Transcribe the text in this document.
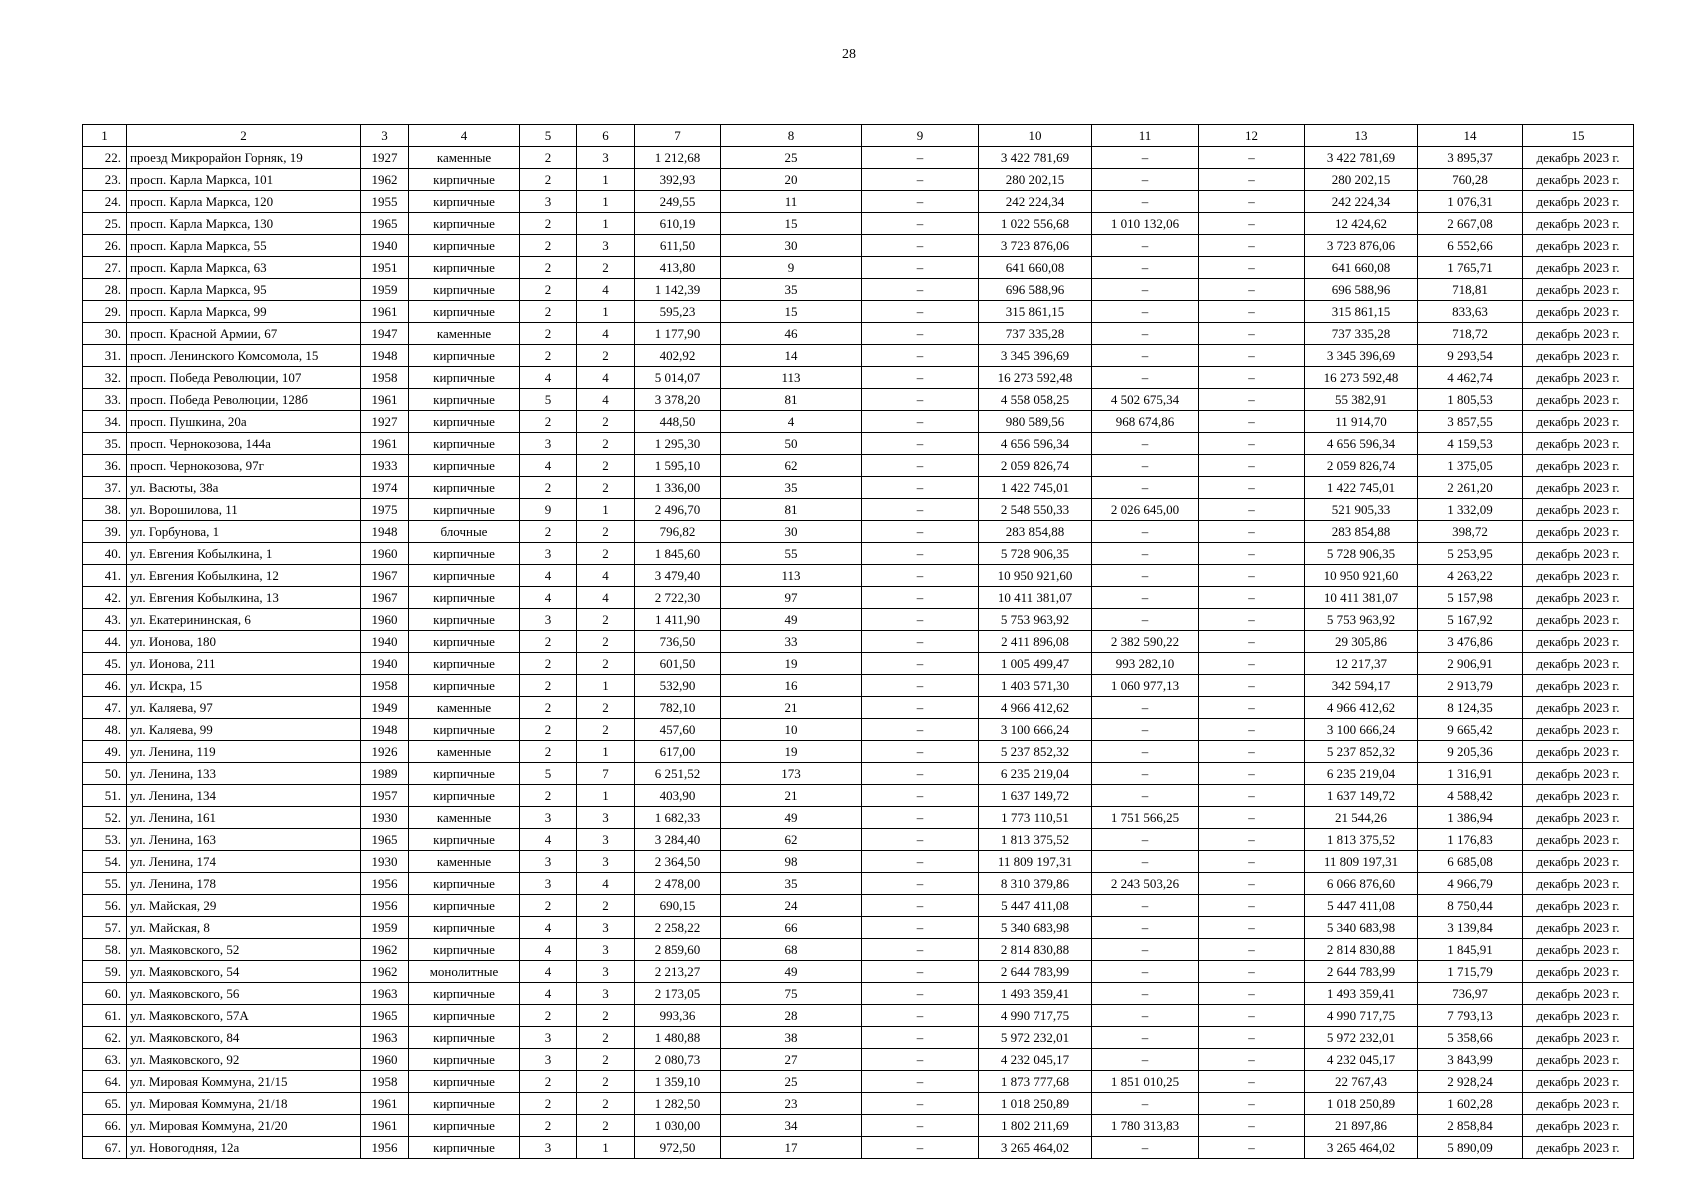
28
1	2	3	4	5	6	7	8	9	10	11	12	13	14	15
22.	проезд Микрорайон Горняк, 19	1927	каменные	2	3	1 212,68	25	–	3 422 781,69	–	–	3 422 781,69	3 895,37	декабрь 2023 г.
23.	просп. Карла Маркса, 101	1962	кирпичные	2	1	392,93	20	–	280 202,15	–	–	280 202,15	760,28	декабрь 2023 г.
24.	просп. Карла Маркса, 120	1955	кирпичные	3	1	249,55	11	–	242 224,34	–	–	242 224,34	1 076,31	декабрь 2023 г.
25.	просп. Карла Маркса, 130	1965	кирпичные	2	1	610,19	15	–	1 022 556,68	1 010 132,06	–	12 424,62	2 667,08	декабрь 2023 г.
26.	просп. Карла Маркса, 55	1940	кирпичные	2	3	611,50	30	–	3 723 876,06	–	–	3 723 876,06	6 552,66	декабрь 2023 г.
27.	просп. Карла Маркса, 63	1951	кирпичные	2	2	413,80	9	–	641 660,08	–	–	641 660,08	1 765,71	декабрь 2023 г.
28.	просп. Карла Маркса, 95	1959	кирпичные	2	4	1 142,39	35	–	696 588,96	–	–	696 588,96	718,81	декабрь 2023 г.
29.	просп. Карла Маркса, 99	1961	кирпичные	2	1	595,23	15	–	315 861,15	–	–	315 861,15	833,63	декабрь 2023 г.
30.	просп. Красной Армии, 67	1947	каменные	2	4	1 177,90	46	–	737 335,28	–	–	737 335,28	718,72	декабрь 2023 г.
31.	просп. Ленинского Комсомола, 15	1948	кирпичные	2	2	402,92	14	–	3 345 396,69	–	–	3 345 396,69	9 293,54	декабрь 2023 г.
32.	просп. Победа Революции, 107	1958	кирпичные	4	4	5 014,07	113	–	16 273 592,48	–	–	16 273 592,48	4 462,74	декабрь 2023 г.
33.	просп. Победа Революции, 128б	1961	кирпичные	5	4	3 378,20	81	–	4 558 058,25	4 502 675,34	–	55 382,91	1 805,53	декабрь 2023 г.
34.	просп. Пушкина, 20а	1927	кирпичные	2	2	448,50	4	–	980 589,56	968 674,86	–	11 914,70	3 857,55	декабрь 2023 г.
35.	просп. Чернокозова, 144а	1961	кирпичные	3	2	1 295,30	50	–	4 656 596,34	–	–	4 656 596,34	4 159,53	декабрь 2023 г.
36.	просп. Чернокозова, 97г	1933	кирпичные	4	2	1 595,10	62	–	2 059 826,74	–	–	2 059 826,74	1 375,05	декабрь 2023 г.
37.	ул. Васюты, 38а	1974	кирпичные	2	2	1 336,00	35	–	1 422 745,01	–	–	1 422 745,01	2 261,20	декабрь 2023 г.
38.	ул. Ворошилова, 11	1975	кирпичные	9	1	2 496,70	81	–	2 548 550,33	2 026 645,00	–	521 905,33	1 332,09	декабрь 2023 г.
39.	ул. Горбунова, 1	1948	блочные	2	2	796,82	30	–	283 854,88	–	–	283 854,88	398,72	декабрь 2023 г.
40.	ул. Евгения Кобылкина, 1	1960	кирпичные	3	2	1 845,60	55	–	5 728 906,35	–	–	5 728 906,35	5 253,95	декабрь 2023 г.
41.	ул. Евгения Кобылкина, 12	1967	кирпичные	4	4	3 479,40	113	–	10 950 921,60	–	–	10 950 921,60	4 263,22	декабрь 2023 г.
42.	ул. Евгения Кобылкина, 13	1967	кирпичные	4	4	2 722,30	97	–	10 411 381,07	–	–	10 411 381,07	5 157,98	декабрь 2023 г.
43.	ул. Екатерининская, 6	1960	кирпичные	3	2	1 411,90	49	–	5 753 963,92	–	–	5 753 963,92	5 167,92	декабрь 2023 г.
44.	ул. Ионова, 180	1940	кирпичные	2	2	736,50	33	–	2 411 896,08	2 382 590,22	–	29 305,86	3 476,86	декабрь 2023 г.
45.	ул. Ионова, 211	1940	кирпичные	2	2	601,50	19	–	1 005 499,47	993 282,10	–	12 217,37	2 906,91	декабрь 2023 г.
46.	ул. Искра, 15	1958	кирпичные	2	1	532,90	16	–	1 403 571,30	1 060 977,13	–	342 594,17	2 913,79	декабрь 2023 г.
47.	ул. Каляева, 97	1949	каменные	2	2	782,10	21	–	4 966 412,62	–	–	4 966 412,62	8 124,35	декабрь 2023 г.
48.	ул. Каляева, 99	1948	кирпичные	2	2	457,60	10	–	3 100 666,24	–	–	3 100 666,24	9 665,42	декабрь 2023 г.
49.	ул. Ленина, 119	1926	каменные	2	1	617,00	19	–	5 237 852,32	–	–	5 237 852,32	9 205,36	декабрь 2023 г.
50.	ул. Ленина, 133	1989	кирпичные	5	7	6 251,52	173	–	6 235 219,04	–	–	6 235 219,04	1 316,91	декабрь 2023 г.
51.	ул. Ленина, 134	1957	кирпичные	2	1	403,90	21	–	1 637 149,72	–	–	1 637 149,72	4 588,42	декабрь 2023 г.
52.	ул. Ленина, 161	1930	каменные	3	3	1 682,33	49	–	1 773 110,51	1 751 566,25	–	21 544,26	1 386,94	декабрь 2023 г.
53.	ул. Ленина, 163	1965	кирпичные	4	3	3 284,40	62	–	1 813 375,52	–	–	1 813 375,52	1 176,83	декабрь 2023 г.
54.	ул. Ленина, 174	1930	каменные	3	3	2 364,50	98	–	11 809 197,31	–	–	11 809 197,31	6 685,08	декабрь 2023 г.
55.	ул. Ленина, 178	1956	кирпичные	3	4	2 478,00	35	–	8 310 379,86	2 243 503,26	–	6 066 876,60	4 966,79	декабрь 2023 г.
56.	ул. Майская, 29	1956	кирпичные	2	2	690,15	24	–	5 447 411,08	–	–	5 447 411,08	8 750,44	декабрь 2023 г.
57.	ул. Майская, 8	1959	кирпичные	4	3	2 258,22	66	–	5 340 683,98	–	–	5 340 683,98	3 139,84	декабрь 2023 г.
58.	ул. Маяковского, 52	1962	кирпичные	4	3	2 859,60	68	–	2 814 830,88	–	–	2 814 830,88	1 845,91	декабрь 2023 г.
59.	ул. Маяковского, 54	1962	монолитные	4	3	2 213,27	49	–	2 644 783,99	–	–	2 644 783,99	1 715,79	декабрь 2023 г.
60.	ул. Маяковского, 56	1963	кирпичные	4	3	2 173,05	75	–	1 493 359,41	–	–	1 493 359,41	736,97	декабрь 2023 г.
61.	ул. Маяковского, 57А	1965	кирпичные	2	2	993,36	28	–	4 990 717,75	–	–	4 990 717,75	7 793,13	декабрь 2023 г.
62.	ул. Маяковского, 84	1963	кирпичные	3	2	1 480,88	38	–	5 972 232,01	–	–	5 972 232,01	5 358,66	декабрь 2023 г.
63.	ул. Маяковского, 92	1960	кирпичные	3	2	2 080,73	27	–	4 232 045,17	–	–	4 232 045,17	3 843,99	декабрь 2023 г.
64.	ул. Мировая Коммуна, 21/15	1958	кирпичные	2	2	1 359,10	25	–	1 873 777,68	1 851 010,25	–	22 767,43	2 928,24	декабрь 2023 г.
65.	ул. Мировая Коммуна, 21/18	1961	кирпичные	2	2	1 282,50	23	–	1 018 250,89	–	–	1 018 250,89	1 602,28	декабрь 2023 г.
66.	ул. Мировая Коммуна, 21/20	1961	кирпичные	2	2	1 030,00	34	–	1 802 211,69	1 780 313,83	–	21 897,86	2 858,84	декабрь 2023 г.
67.	ул. Новогодняя, 12а	1956	кирпичные	3	1	972,50	17	–	3 265 464,02	–	–	3 265 464,02	5 890,09	декабрь 2023 г.
